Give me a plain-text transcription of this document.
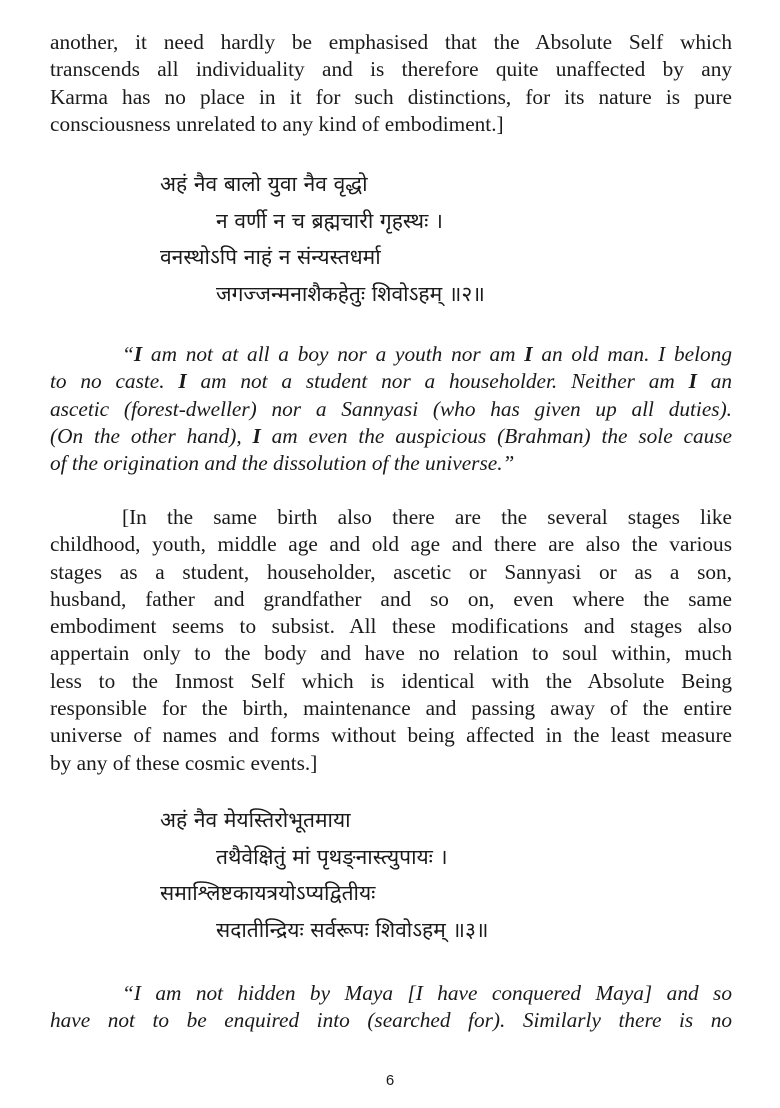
another, it need hardly be emphasised that the Absolute Self which
transcends all individuality and is therefore quite unaffected by any
Karma has no place in it for such distinctions, for its nature is pure
consciousness unrelated to any kind of embodiment.]
अहं नैव बालो युवा नैव वृद्धो
न वर्णी न च ब्रह्मचारी गृहस्थः ।
वनस्थोऽपि नाहं न संन्यस्तधर्मा
जगज्जन्मनाशैकहेतुः शिवोऽहम् ॥२॥
“I am not at all a boy nor a youth nor am I an old man. I belong
to no caste. I am not a student nor a householder. Neither am I an
ascetic (forest-dweller) nor a Sannyasi (who has given up all duties).
(On the other hand), I am even the auspicious (Brahman) the sole cause
of the origination and the dissolution of the universe.”
[In the same birth also there are the several stages like
childhood, youth, middle age and old age and there are also the various
stages as a student, householder, ascetic or Sannyasi or as a son,
husband, father and grandfather and so on, even where the same
embodiment seems to subsist. All these modifications and stages also
appertain only to the body and have no relation to soul within, much
less to the Inmost Self which is identical with the Absolute Being
responsible for the birth, maintenance and passing away of the entire
universe of names and forms without being affected in the least measure
by any of these cosmic events.]
अहं नैव मेयस्तिरोभूतमाया
तथैवेक्षितुं मां पृथङ्नास्त्युपायः ।
समाश्लिष्टकायत्रयोऽप्यद्वितीयः
सदातीन्द्रियः सर्वरूपः शिवोऽहम् ॥३॥
“I am not hidden by Maya [I have conquered Maya] and so
have not to be enquired into (searched for). Similarly there is no
6
